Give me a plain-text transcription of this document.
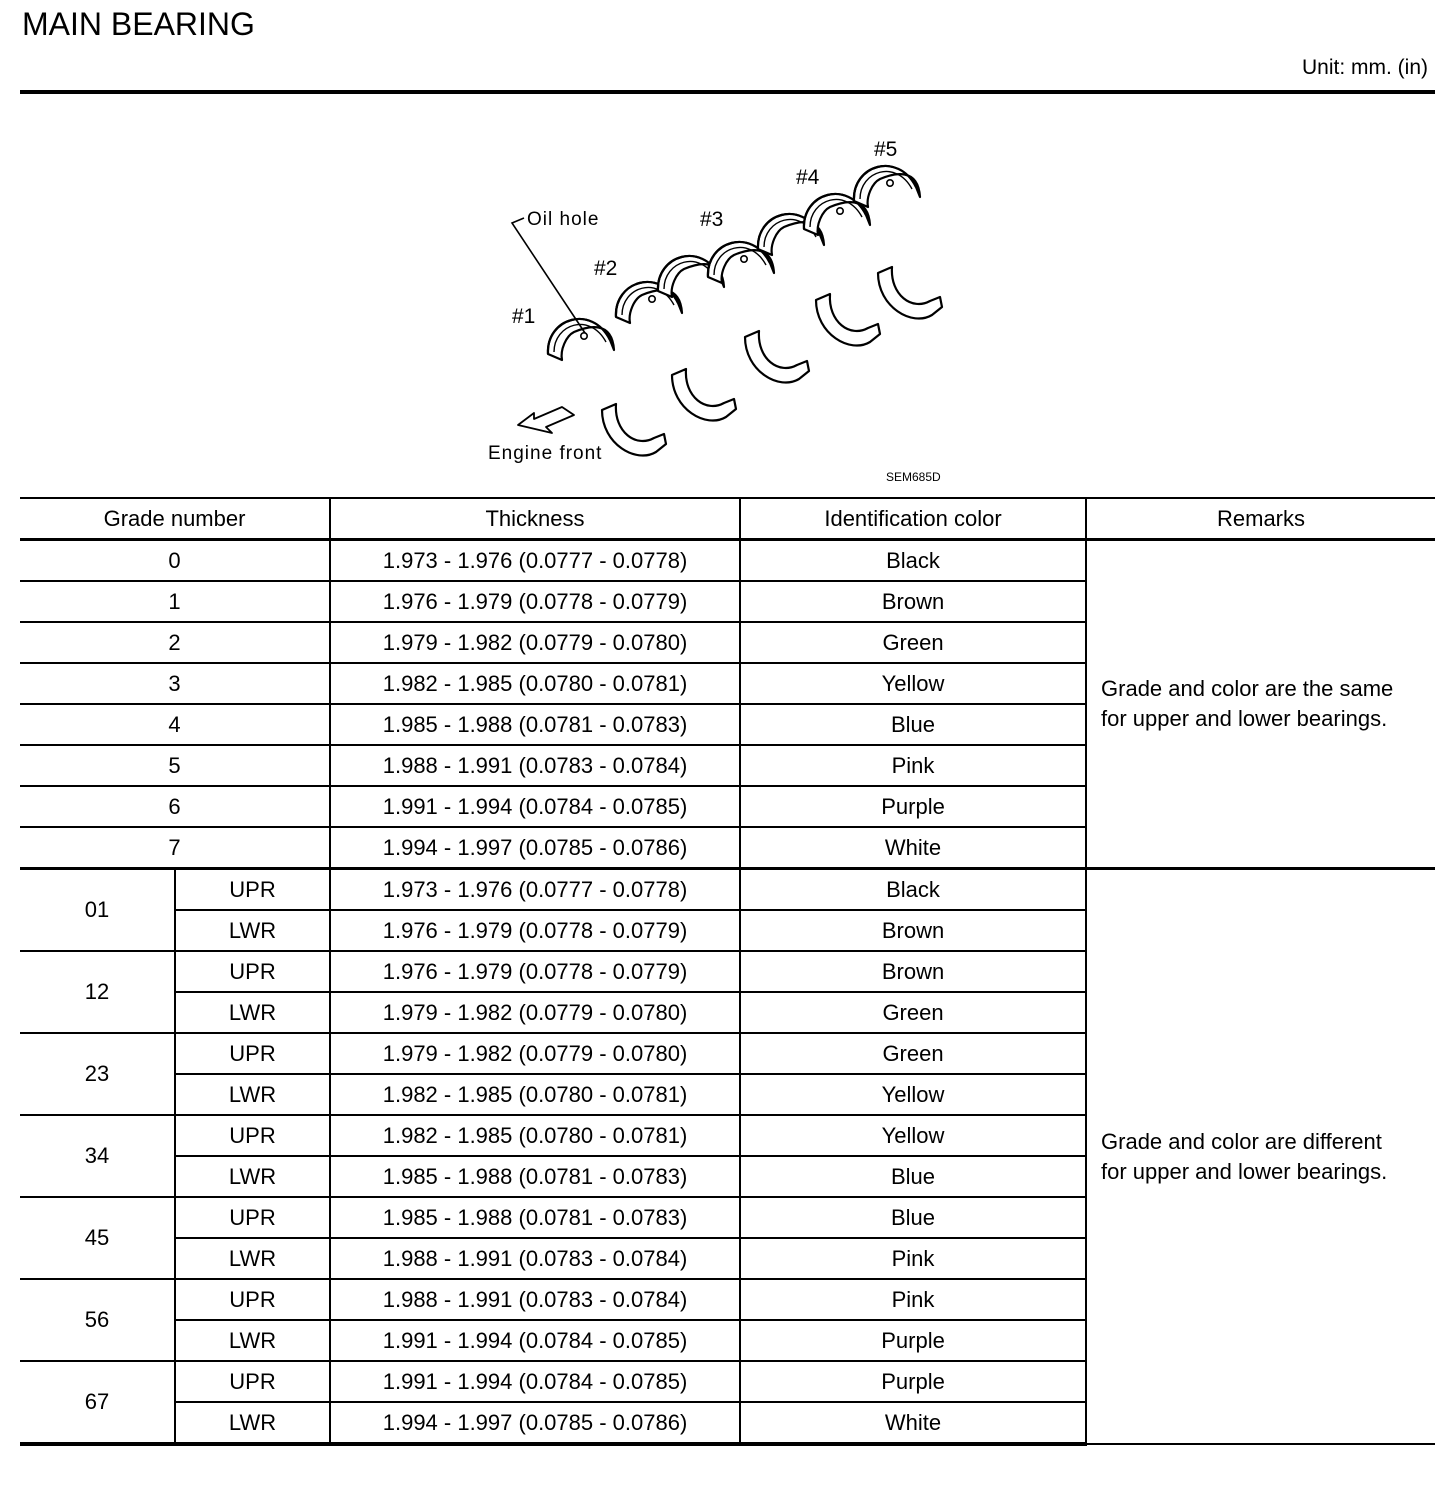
MAIN BEARING
Unit: mm. (in)
Oil hole
#1
#2
#3
#4
#5
Engine front
SEM685D
Grade number		Thickness	Identification color	Remarks
0		1.973 - 1.976 (0.0777 - 0.0778)	Black	Grade and color are the same
for upper and lower bearings.

1		1.976 - 1.979 (0.0778 - 0.0779)	Brown	
2		1.979 - 1.982 (0.0779 - 0.0780)	Green	
3		1.982 - 1.985 (0.0780 - 0.0781)	Yellow	
4		1.985 - 1.988 (0.0781 - 0.0783)	Blue	
5		1.988 - 1.991 (0.0783 - 0.0784)	Pink	
6		1.991 - 1.994 (0.0784 - 0.0785)	Purple	
7		1.994 - 1.997 (0.0785 - 0.0786)	White	
01	UPR	1.973 - 1.976 (0.0777 - 0.0778)	Black	Grade and color are different
for upper and lower bearings.

	LWR	1.976 - 1.979 (0.0778 - 0.0779)	Brown	
12	UPR	1.976 - 1.979 (0.0778 - 0.0779)	Brown	
	LWR	1.979 - 1.982 (0.0779 - 0.0780)	Green	
23	UPR	1.979 - 1.982 (0.0779 - 0.0780)	Green	
	LWR	1.982 - 1.985 (0.0780 - 0.0781)	Yellow	
34	UPR	1.982 - 1.985 (0.0780 - 0.0781)	Yellow	
	LWR	1.985 - 1.988 (0.0781 - 0.0783)	Blue	
45	UPR	1.985 - 1.988 (0.0781 - 0.0783)	Blue	
	LWR	1.988 - 1.991 (0.0783 - 0.0784)	Pink	
56	UPR	1.988 - 1.991 (0.0783 - 0.0784)	Pink	
	LWR	1.991 - 1.994 (0.0784 - 0.0785)	Purple	
67	UPR	1.991 - 1.994 (0.0784 - 0.0785)	Purple	
	LWR	1.994 - 1.997 (0.0785 - 0.0786)	White	
